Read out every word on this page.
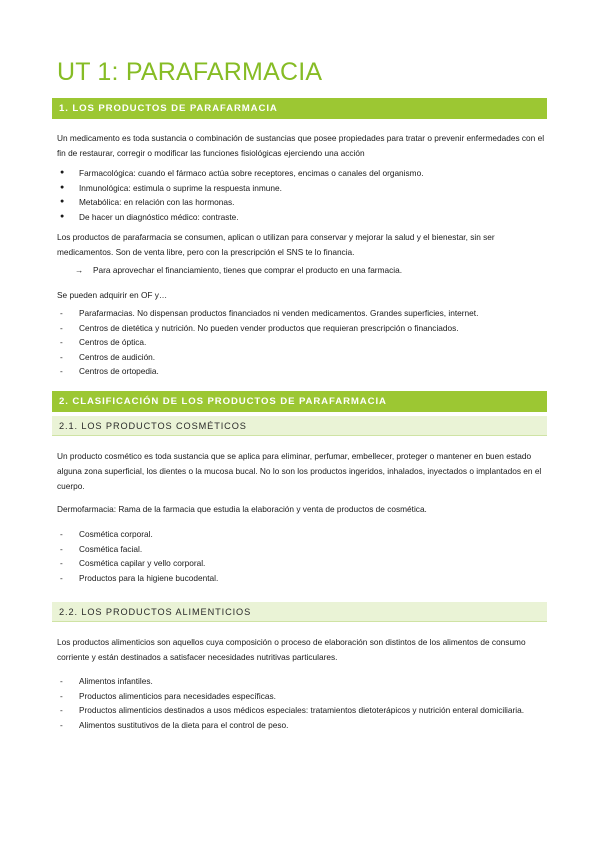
UT 1: PARAFARMACIA
1. LOS PRODUCTOS DE PARAFARMACIA

Un medicamento es toda sustancia o combinación de sustancias que posee propiedades para tratar o prevenir enfermedades con el fin de restaurar, corregir o modificar las funciones fisiológicas ejerciendo una acción

● Farmacológica: cuando el fármaco actúa sobre receptores, encimas o canales del organismo.
● Inmunológica: estimula o suprime la respuesta inmune.
● Metabólica: en relación con las hormonas.
● De hacer un diagnóstico médico: contraste.

Los productos de parafarmacia se consumen, aplican o utilizan para conservar y mejorar la salud y el bienestar, sin ser medicamentos. Son de venta libre, pero con la prescripción el SNS te lo financia.

→ Para aprovechar el financiamiento, tienes que comprar el producto en una farmacia.

Se pueden adquirir en OF y…

- Parafarmacias. No dispensan productos financiados ni venden medicamentos. Grandes superficies, internet.
- Centros de dietética y nutrición. No pueden vender productos que requieran prescripción o financiados.
- Centros de óptica.
- Centros de audición.
- Centros de ortopedia.
2. CLASIFICACIÓN DE LOS PRODUCTOS DE PARAFARMACIA
2.1. LOS PRODUCTOS COSMÉTICOS

Un producto cosmético es toda sustancia que se aplica para eliminar, perfumar, embellecer, proteger o mantener en buen estado alguna zona superficial, los dientes o la mucosa bucal. No lo son los productos ingeridos, inhalados, inyectados o implantados en el cuerpo.

Dermofarmacia: Rama de la farmacia que estudia la elaboración y venta de productos de cosmética.

- Cosmética corporal.
- Cosmética facial.
- Cosmética capilar y vello corporal.
- Productos para la higiene bucodental.
2.2. LOS PRODUCTOS ALIMENTICIOS

Los productos alimenticios son aquellos cuya composición o proceso de elaboración son distintos de los alimentos de consumo corriente y están destinados a satisfacer necesidades nutritivas particulares.

- Alimentos infantiles.
- Productos alimenticios para necesidades específicas.
- Productos alimenticios destinados a usos médicos especiales: tratamientos dietoterápicos y nutrición enteral domiciliaria.
- Alimentos sustitutivos de la dieta para el control de peso.
